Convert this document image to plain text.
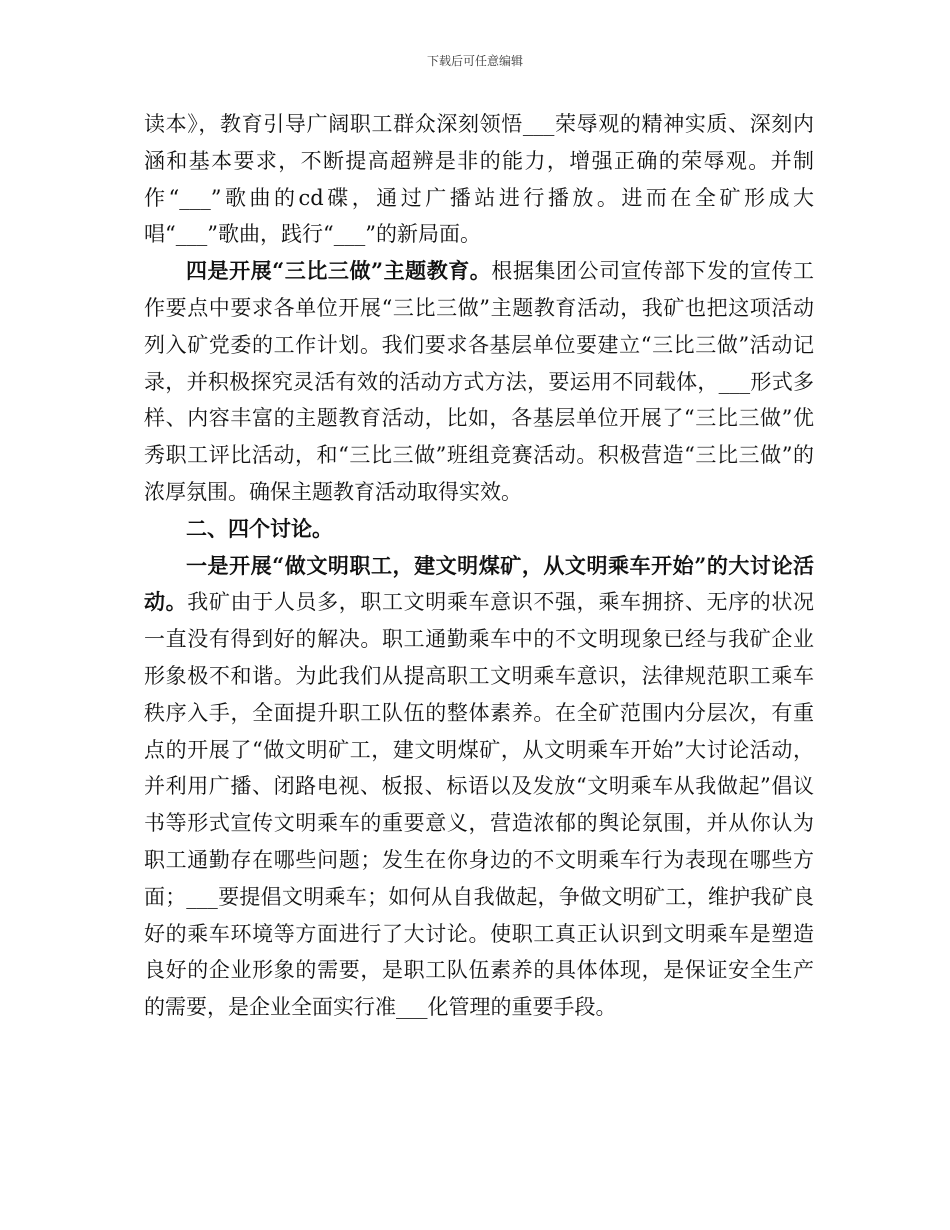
下载后可任意编辑

读本》，教育引导广阔职工群众深刻领悟___荣辱观的精神实质、深刻内涵和基本要求，不断提高超辨是非的能力，增强正确的荣辱观。并制作“___”歌曲的cd碟，通过广播站进行播放。进而在全矿形成大唱“___”歌曲，践行“___”的新局面。

四是开展“三比三做”主题教育。根据集团公司宣传部下发的宣传工作要点中要求各单位开展“三比三做”主题教育活动，我矿也把这项活动列入矿党委的工作计划。我们要求各基层单位要建立“三比三做”活动记录，并积极探究灵活有效的活动方式方法，要运用不同载体，___形式多样、内容丰富的主题教育活动，比如，各基层单位开展了“三比三做”优秀职工评比活动，和“三比三做”班组竞赛活动。积极营造“三比三做”的浓厚氛围。确保主题教育活动取得实效。

二、四个讨论。

一是开展“做文明职工，建文明煤矿，从文明乘车开始”的大讨论活动。我矿由于人员多，职工文明乘车意识不强，乘车拥挤、无序的状况一直没有得到好的解决。职工通勤乘车中的不文明现象已经与我矿企业形象极不和谐。为此我们从提高职工文明乘车意识，法律规范职工乘车秩序入手，全面提升职工队伍的整体素养。在全矿范围内分层次，有重点的开展了“做文明矿工，建文明煤矿，从文明乘车开始”大讨论活动，并利用广播、闭路电视、板报、标语以及发放“文明乘车从我做起”倡议书等形式宣传文明乘车的重要意义，营造浓郁的舆论氛围，并从你认为职工通勤存在哪些问题；发生在你身边的不文明乘车行为表现在哪些方面；___要提倡文明乘车；如何从自我做起，争做文明矿工，维护我矿良好的乘车环境等方面进行了大讨论。使职工真正认识到文明乘车是塑造良好的企业形象的需要，是职工队伍素养的具体体现，是保证安全生产的需要，是企业全面实行准___化管理的重要手段。
